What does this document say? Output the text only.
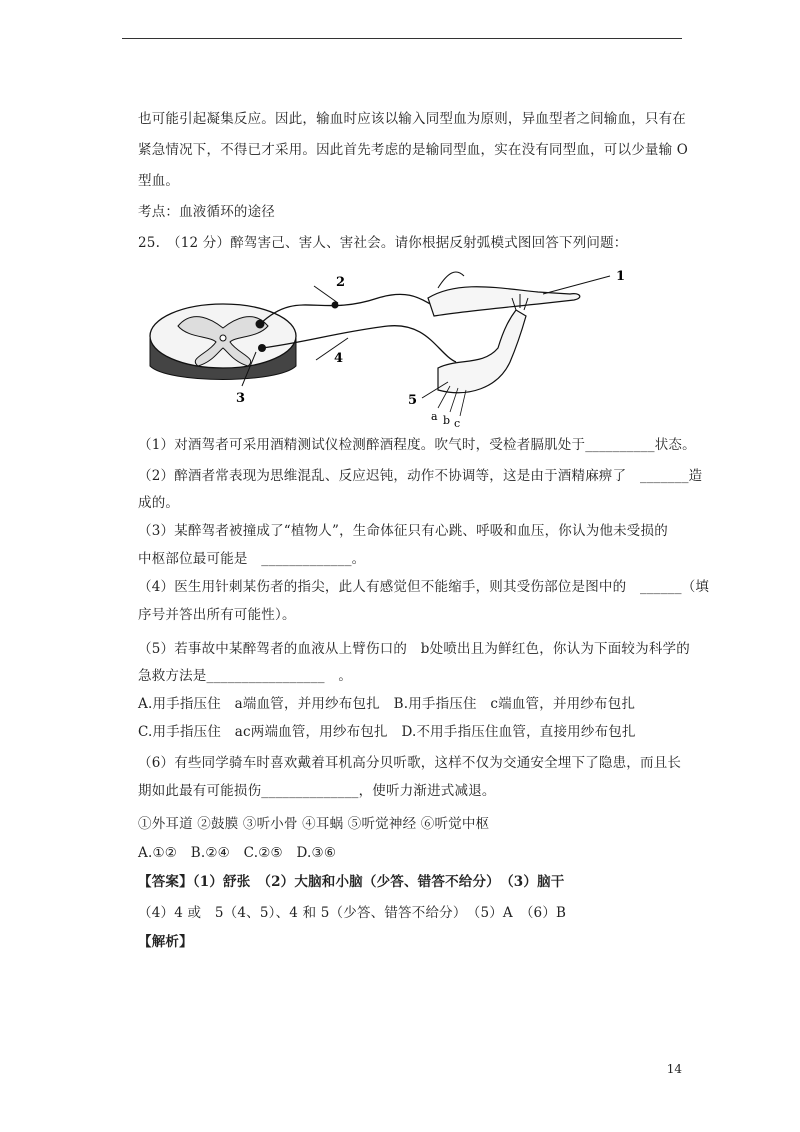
也可能引起凝集反应。因此，输血时应该以输入同型血为原则，异血型者之间输血，只有在
紧急情况下，不得已才采用。因此首先考虑的是输同型血，实在没有同型血，可以少量输 O
型血。
考点：血液循环的途径
25.　（12 分）醉驾害己、害人、害社会。请你根据反射弧模式图回答下列问题：
1
2
3
4
5
a b c
（1）对酒驾者可采用酒精测试仪检测醉酒程度。吹气时，受检者膈肌处于__________状态。
（2）醉酒者常表现为思维混乱、反应迟钝，动作不协调等，这是由于酒精麻痹了　_______造
成的。
（3）某醉驾者被撞成了“植物人”，生命体征只有心跳、呼吸和血压，你认为他未受损的
中枢部位最可能是　_____________。
（4）医生用针刺某伤者的指尖，此人有感觉但不能缩手，则其受伤部位是图中的　______（填
序号并答出所有可能性）。
（5）若事故中某醉驾者的血液从上臂伤口的　b处喷出且为鲜红色，你认为下面较为科学的
急救方法是_________________　。
A.用手指压住　a端血管，并用纱布包扎　B.用手指压住　c端血管，并用纱布包扎
C.用手指压住　ac两端血管，用纱布包扎　D.不用手指压住血管，直接用纱布包扎
（6）有些同学骑车时喜欢戴着耳机高分贝听歌，这样不仅为交通安全埋下了隐患，而且长
期如此最有可能损伤______________，使听力渐进式减退。
①外耳道 ②鼓膜 ③听小骨 ④耳蜗 ⑤听觉神经 ⑥听觉中枢
A.①②　B.②④　C.②⑤　D.③⑥
【答案】（1）舒张　（2）大脑和小脑（少答、错答不给分）　（3）脑干
（4）4 或　5（4、5）、4 和 5（少答、错答不给分）　（5）A　（6）B
【解析】
14
